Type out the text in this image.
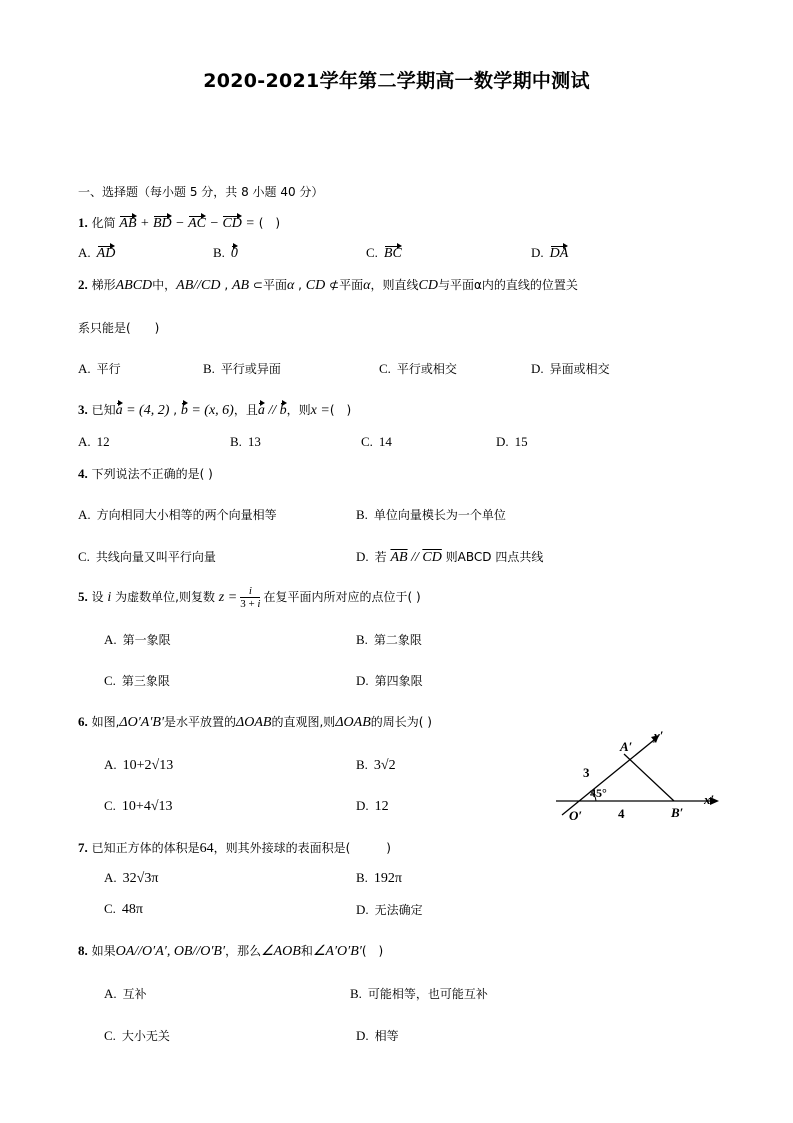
2020-2021学年第二学期高一数学期中测试
一、选择题（每小题 5 分，共 8 小题 40 分）
1. 化简 AB + BD − AC − CD = (　)
A. AD	B. 0	C. BC	D. DA
2. 梯形ABCD中，AB//CD , AB ⊂平面α , CD ⊄平面α，则直线CD与平面α内的直线的位置关
系只能是(　　)
A. 平行	B. 平行或异面	C. 平行或相交	D. 异面或相交
3. 已知a = (4, 2) , b = (x, 6)，且a // b，则x =(　)
A. 12	B. 13	C. 14	D. 15
4. 下列说法不正确的是( )
A. 方向相同大小相等的两个向量相等	B. 单位向量模长为一个单位
C. 共线向量又叫平行向量	D. 若 $\overline{AB} // \overline{CD}$ 则ABCD 四点共线
5. 设 i 为虚数单位,则复数 $z = \frac{i}{3 + i}$ 在复平面内所对应的点位于( )
A. 第一象限	B. 第二象限
C. 第三象限	D. 第四象限
6. 如图,ΔO′A′B′是水平放置的ΔOAB的直观图,则ΔOAB的周长为( )
A. 10+2√13	B. 3√2
C. 10+4√13	D. 12
A′
B′
O′
x′
y′
3
4
45°
7. 已知正方体的体积是64，则其外接球的表面积是(　　　)
A. 32√3π	B. 192π
C. 48π	D. 无法确定
8. 如果OA//O′A′, OB//O′B′，那么∠AOB和∠A′O′B′(　)
A. 互补	B. 可能相等，也可能互补
C. 大小无关	D. 相等
